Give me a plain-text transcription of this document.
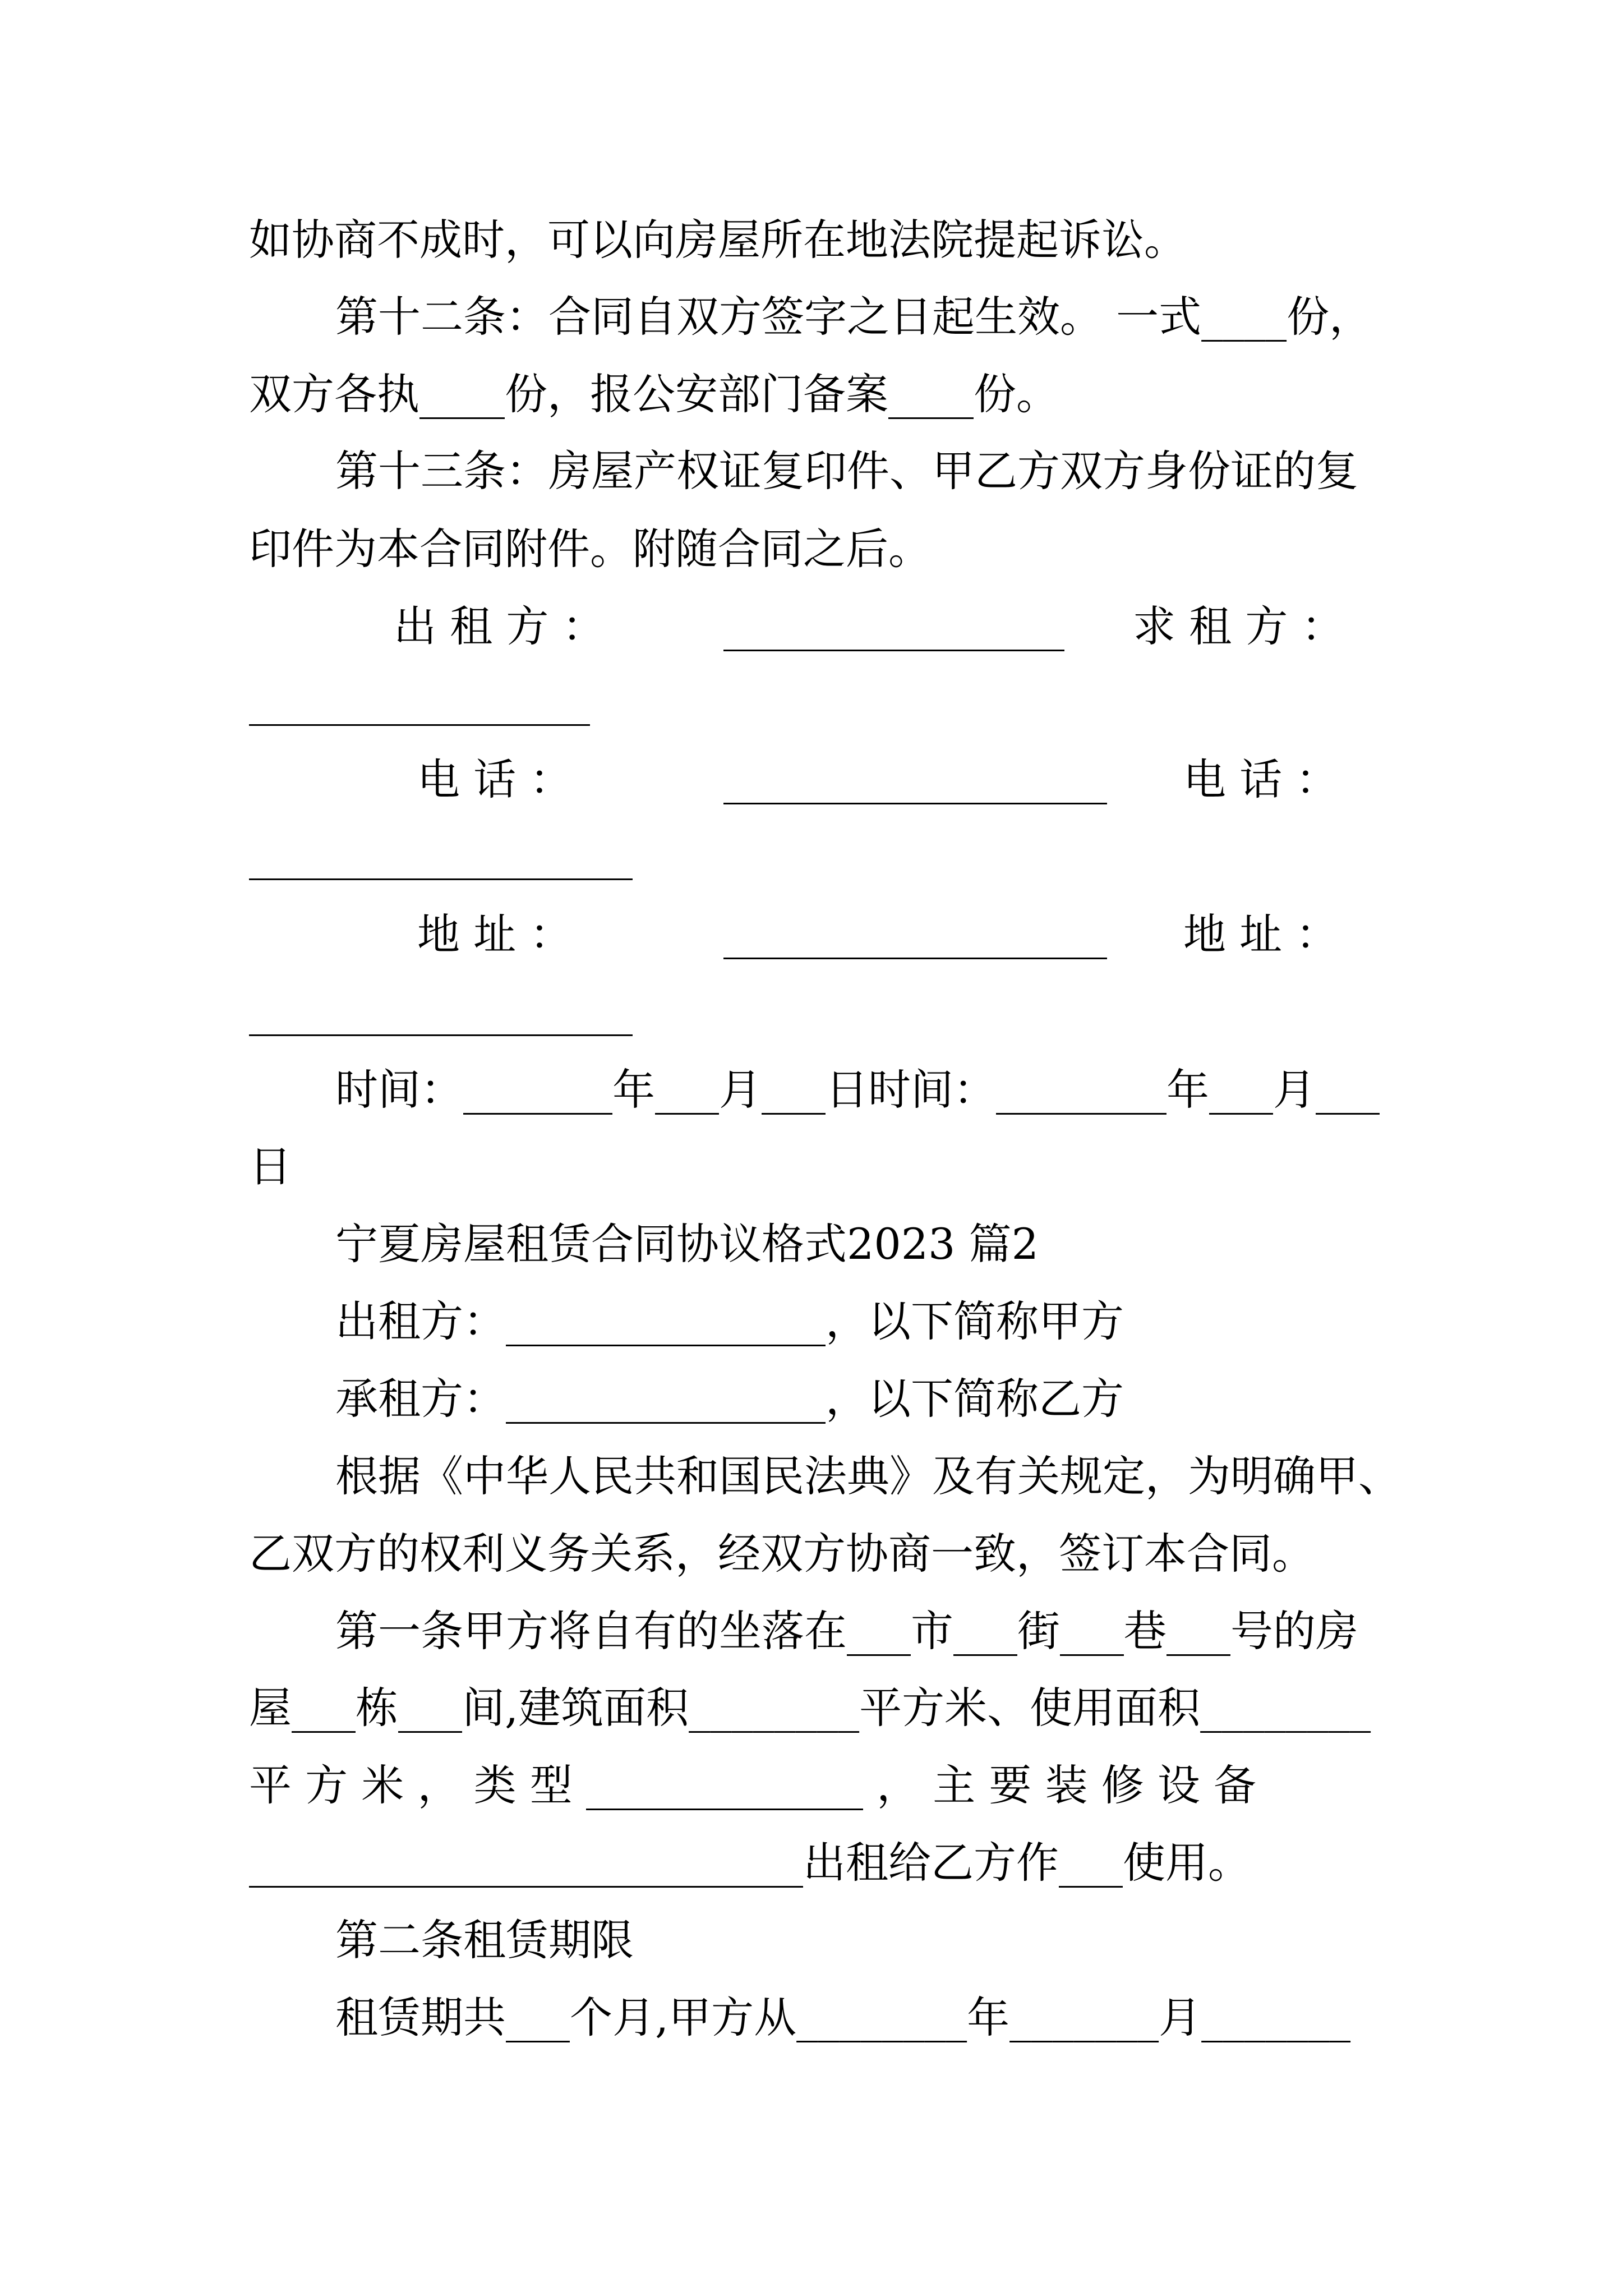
如协商不成时，可以向房屋所在地法院提起诉讼。

第十二条：合同自双方签字之日起生效。 一式____份，

双方各执____份，报公安部门备案____份。

第十三条：房屋产权证复印件、甲乙方双方身份证的复

印件为本合同附件。附随合同之后。

出 租 方 ：

	________________

求 租 方 ：

________________

电 话 ：

	__________________

电 话 ：

__________________

地 址 ：

	__________________

地 址 ：

__________________

时间：_______年___月___日时间：________年___月___

日

宁夏房屋租赁合同协议格式2023 篇2

出租方：_______________，以下简称甲方

承租方：_______________，以下简称乙方

根据《中华人民共和国民法典》及有关规定，为明确甲、

乙双方的权利义务关系，经双方协商一致，签订本合同。

第一条甲方将自有的坐落在___市___街___巷___号的房

屋___栋___间,建筑面积________平方米、使用面积________

平 方 米 ， 类 型 _____________ ， 主 要 装 修 设 备

__________________________出租给乙方作___使用。

第二条租赁期限

租赁期共___个月,甲方从________年_______月_______
